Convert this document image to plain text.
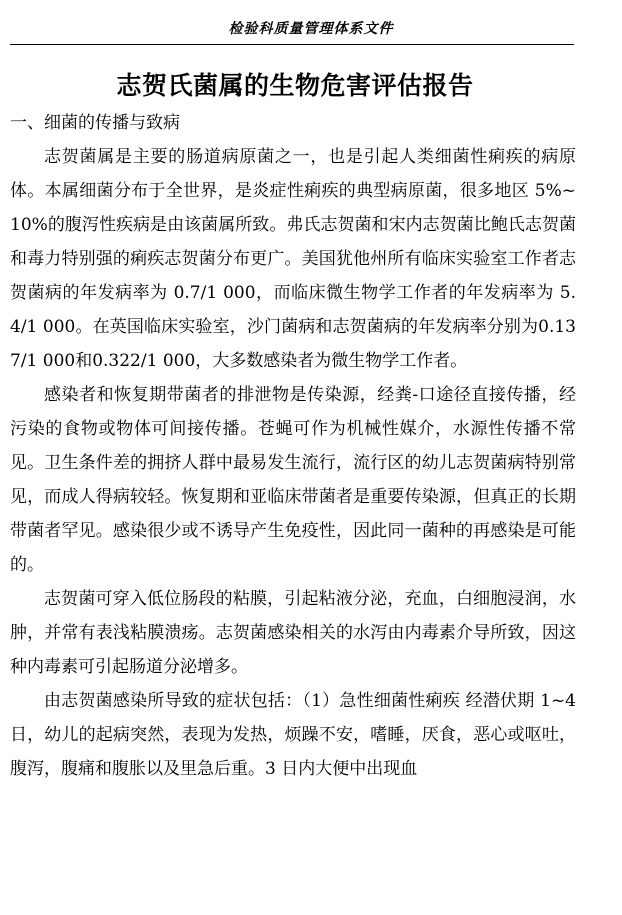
检验科质量管理体系文件
志贺氏菌属的生物危害评估报告
一、细菌的传播与致病

志贺菌属是主要的肠道病原菌之一，也是引起人类细菌性痢疾的病原体。本属细菌分布于全世界，是炎症性痢疾的典型病原菌，很多地区 5%~10%的腹泻性疾病是由该菌属所致。弗氏志贺菌和宋内志贺菌比鲍氏志贺菌和毒力特别强的痢疾志贺菌分布更广。美国犹他州所有临床实验室工作者志贺菌病的年发病率为 0.7/1 000，而临床微生物学工作者的年发病率为 5.4/1 000。在英国临床实验室，沙门菌病和志贺菌病的年发病率分别为0.137/1 000和0.322/1 000，大多数感染者为微生物学工作者。

感染者和恢复期带菌者的排泄物是传染源，经粪-口途径直接传播，经污染的食物或物体可间接传播。苍蝇可作为机械性媒介，水源性传播不常见。卫生条件差的拥挤人群中最易发生流行，流行区的幼儿志贺菌病特别常见，而成人得病较轻。恢复期和亚临床带菌者是重要传染源，但真正的长期带菌者罕见。感染很少或不诱导产生免疫性，因此同一菌种的再感染是可能的。

志贺菌可穿入低位肠段的粘膜，引起粘液分泌，充血，白细胞浸润，水肿，并常有表浅粘膜溃疡。志贺菌感染相关的水泻由内毒素介导所致，因这种内毒素可引起肠道分泌增多。

由志贺菌感染所导致的症状包括：（1）急性细菌性痢疾 经潜伏期 1~4 日，幼儿的起病突然，表现为发热，烦躁不安，嗜睡，厌食，恶心或呕吐，腹泻，腹痛和腹胀以及里急后重。3 日内大便中出现血
